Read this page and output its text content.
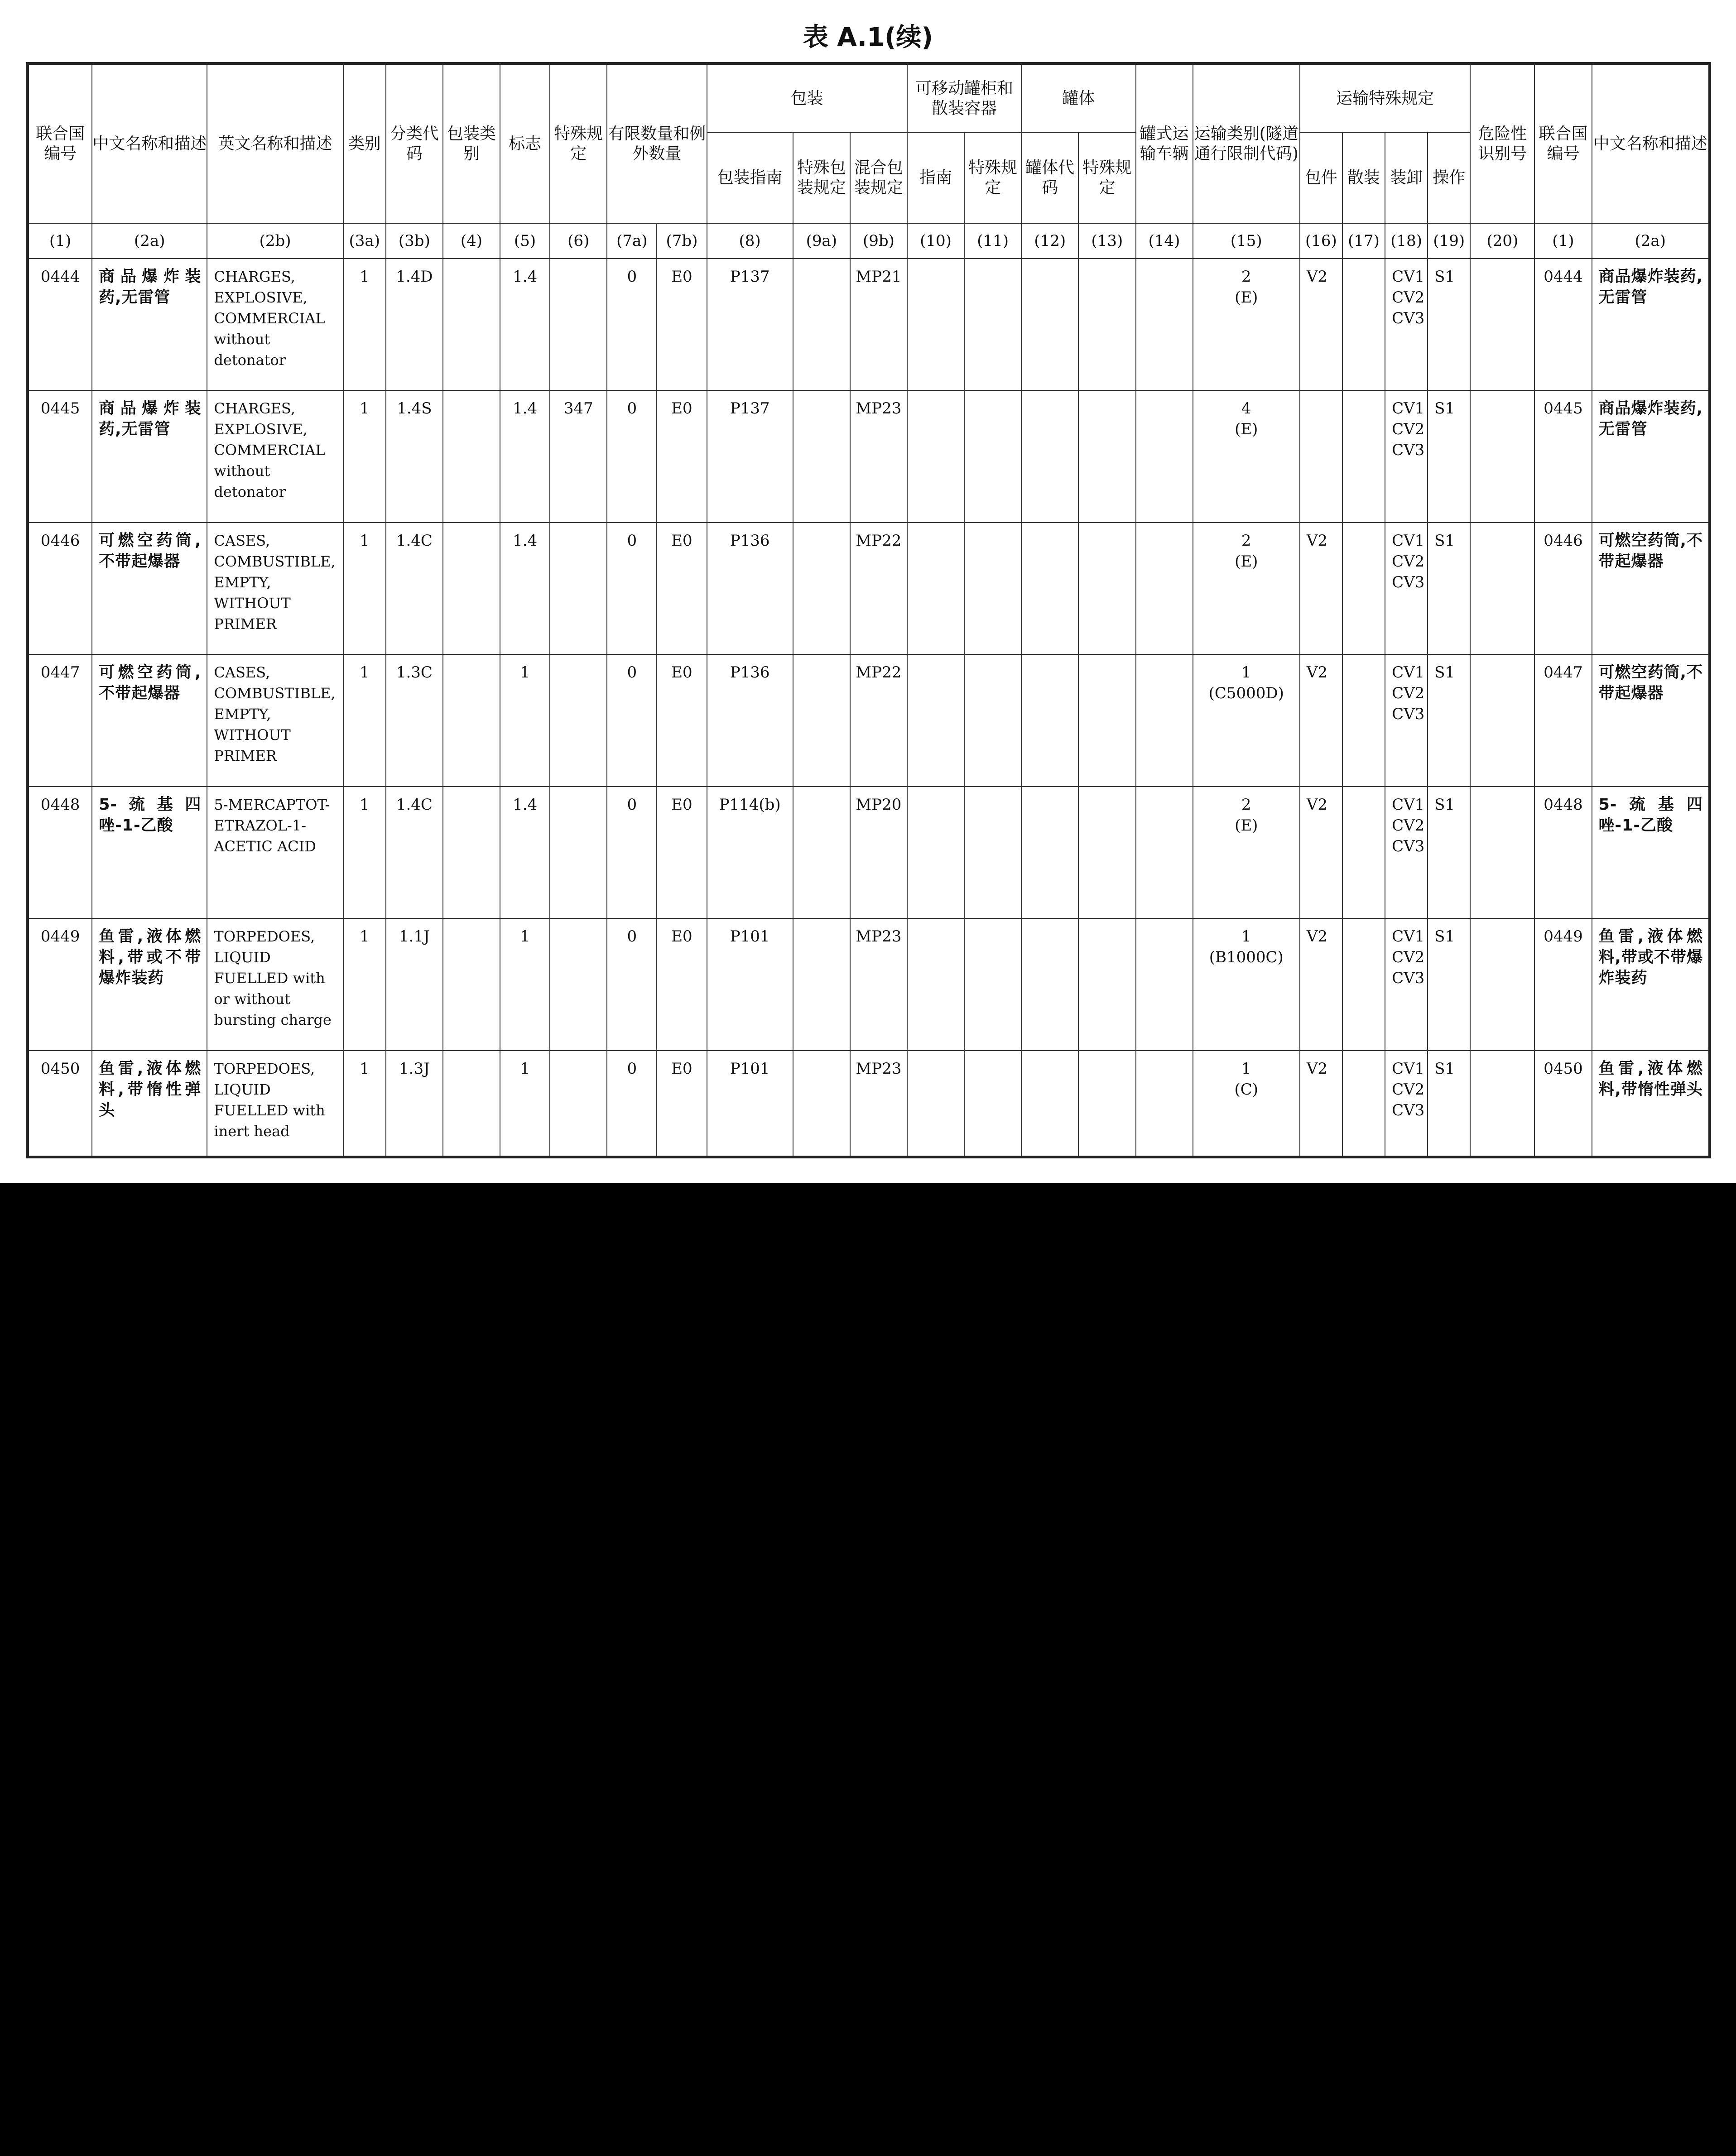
表 A.1(续)
联合国编号	中文名称和描述	英文名称和描述	类别	分类代码	包装类别	标志	特殊规定	有限数量和例外数量		包装			可移动罐柜和散装容器		罐体		罐式运输车辆	运输类别(隧道通行限制代码)	运输特殊规定				危险性识别号	联合国编号	中文名称和描述
										包装指南	特殊包装规定	混合包装规定	指南	特殊规定	罐体代码	特殊规定			包件	散装	装卸	操作			
(1)	(2a)	(2b)	(3a)	(3b)	(4)	(5)	(6)	(7a)	(7b)	(8)	(9a)	(9b)	(10)	(11)	(12)	(13)	(14)	(15)	(16)	(17)	(18)	(19)	(20)	(1)	(2a)
0444	商品爆炸装药,无雷管	CHARGES,
EXPLOSIVE,
COMMERCIAL
without
detonator	1	1.4D		1.4		0	E0	P137		MP21						2
(E)	V2		CV1
CV2
CV3	S1		0444	商品爆炸装药,无雷管
0445	商品爆炸装药,无雷管	CHARGES,
EXPLOSIVE,
COMMERCIAL
without
detonator	1	1.4S		1.4	347	0	E0	P137		MP23						4
(E)			CV1
CV2
CV3	S1		0445	商品爆炸装药,无雷管
0446	可燃空药筒,不带起爆器	CASES,
COMBUSTIBLE,
EMPTY,
WITHOUT
PRIMER	1	1.4C		1.4		0	E0	P136		MP22						2
(E)	V2		CV1
CV2
CV3	S1		0446	可燃空药筒,不带起爆器
0447	可燃空药筒,不带起爆器	CASES,
COMBUSTIBLE,
EMPTY,
WITHOUT
PRIMER	1	1.3C		1		0	E0	P136		MP22						1
(C5000D)	V2		CV1
CV2
CV3	S1		0447	可燃空药筒,不带起爆器
0448	5-巯基四唑-1-乙酸	5-MERCAPTOT-
ETRAZOL-1-
ACETIC ACID	1	1.4C		1.4		0	E0	P114(b)		MP20						2
(E)	V2		CV1
CV2
CV3	S1		0448	5-巯基四唑-1-乙酸
0449	鱼雷,液体燃料,带或不带爆炸装药	TORPEDOES,
LIQUID
FUELLED with
or without
bursting charge	1	1.1J		1		0	E0	P101		MP23						1
(B1000C)	V2		CV1
CV2
CV3	S1		0449	鱼雷,液体燃料,带或不带爆炸装药
0450	鱼雷,液体燃料,带惰性弹头	TORPEDOES,
LIQUID
FUELLED with
inert head	1	1.3J		1		0	E0	P101		MP23						1
(C)	V2		CV1
CV2
CV3	S1		0450	鱼雷,液体燃料,带惰性弹头
